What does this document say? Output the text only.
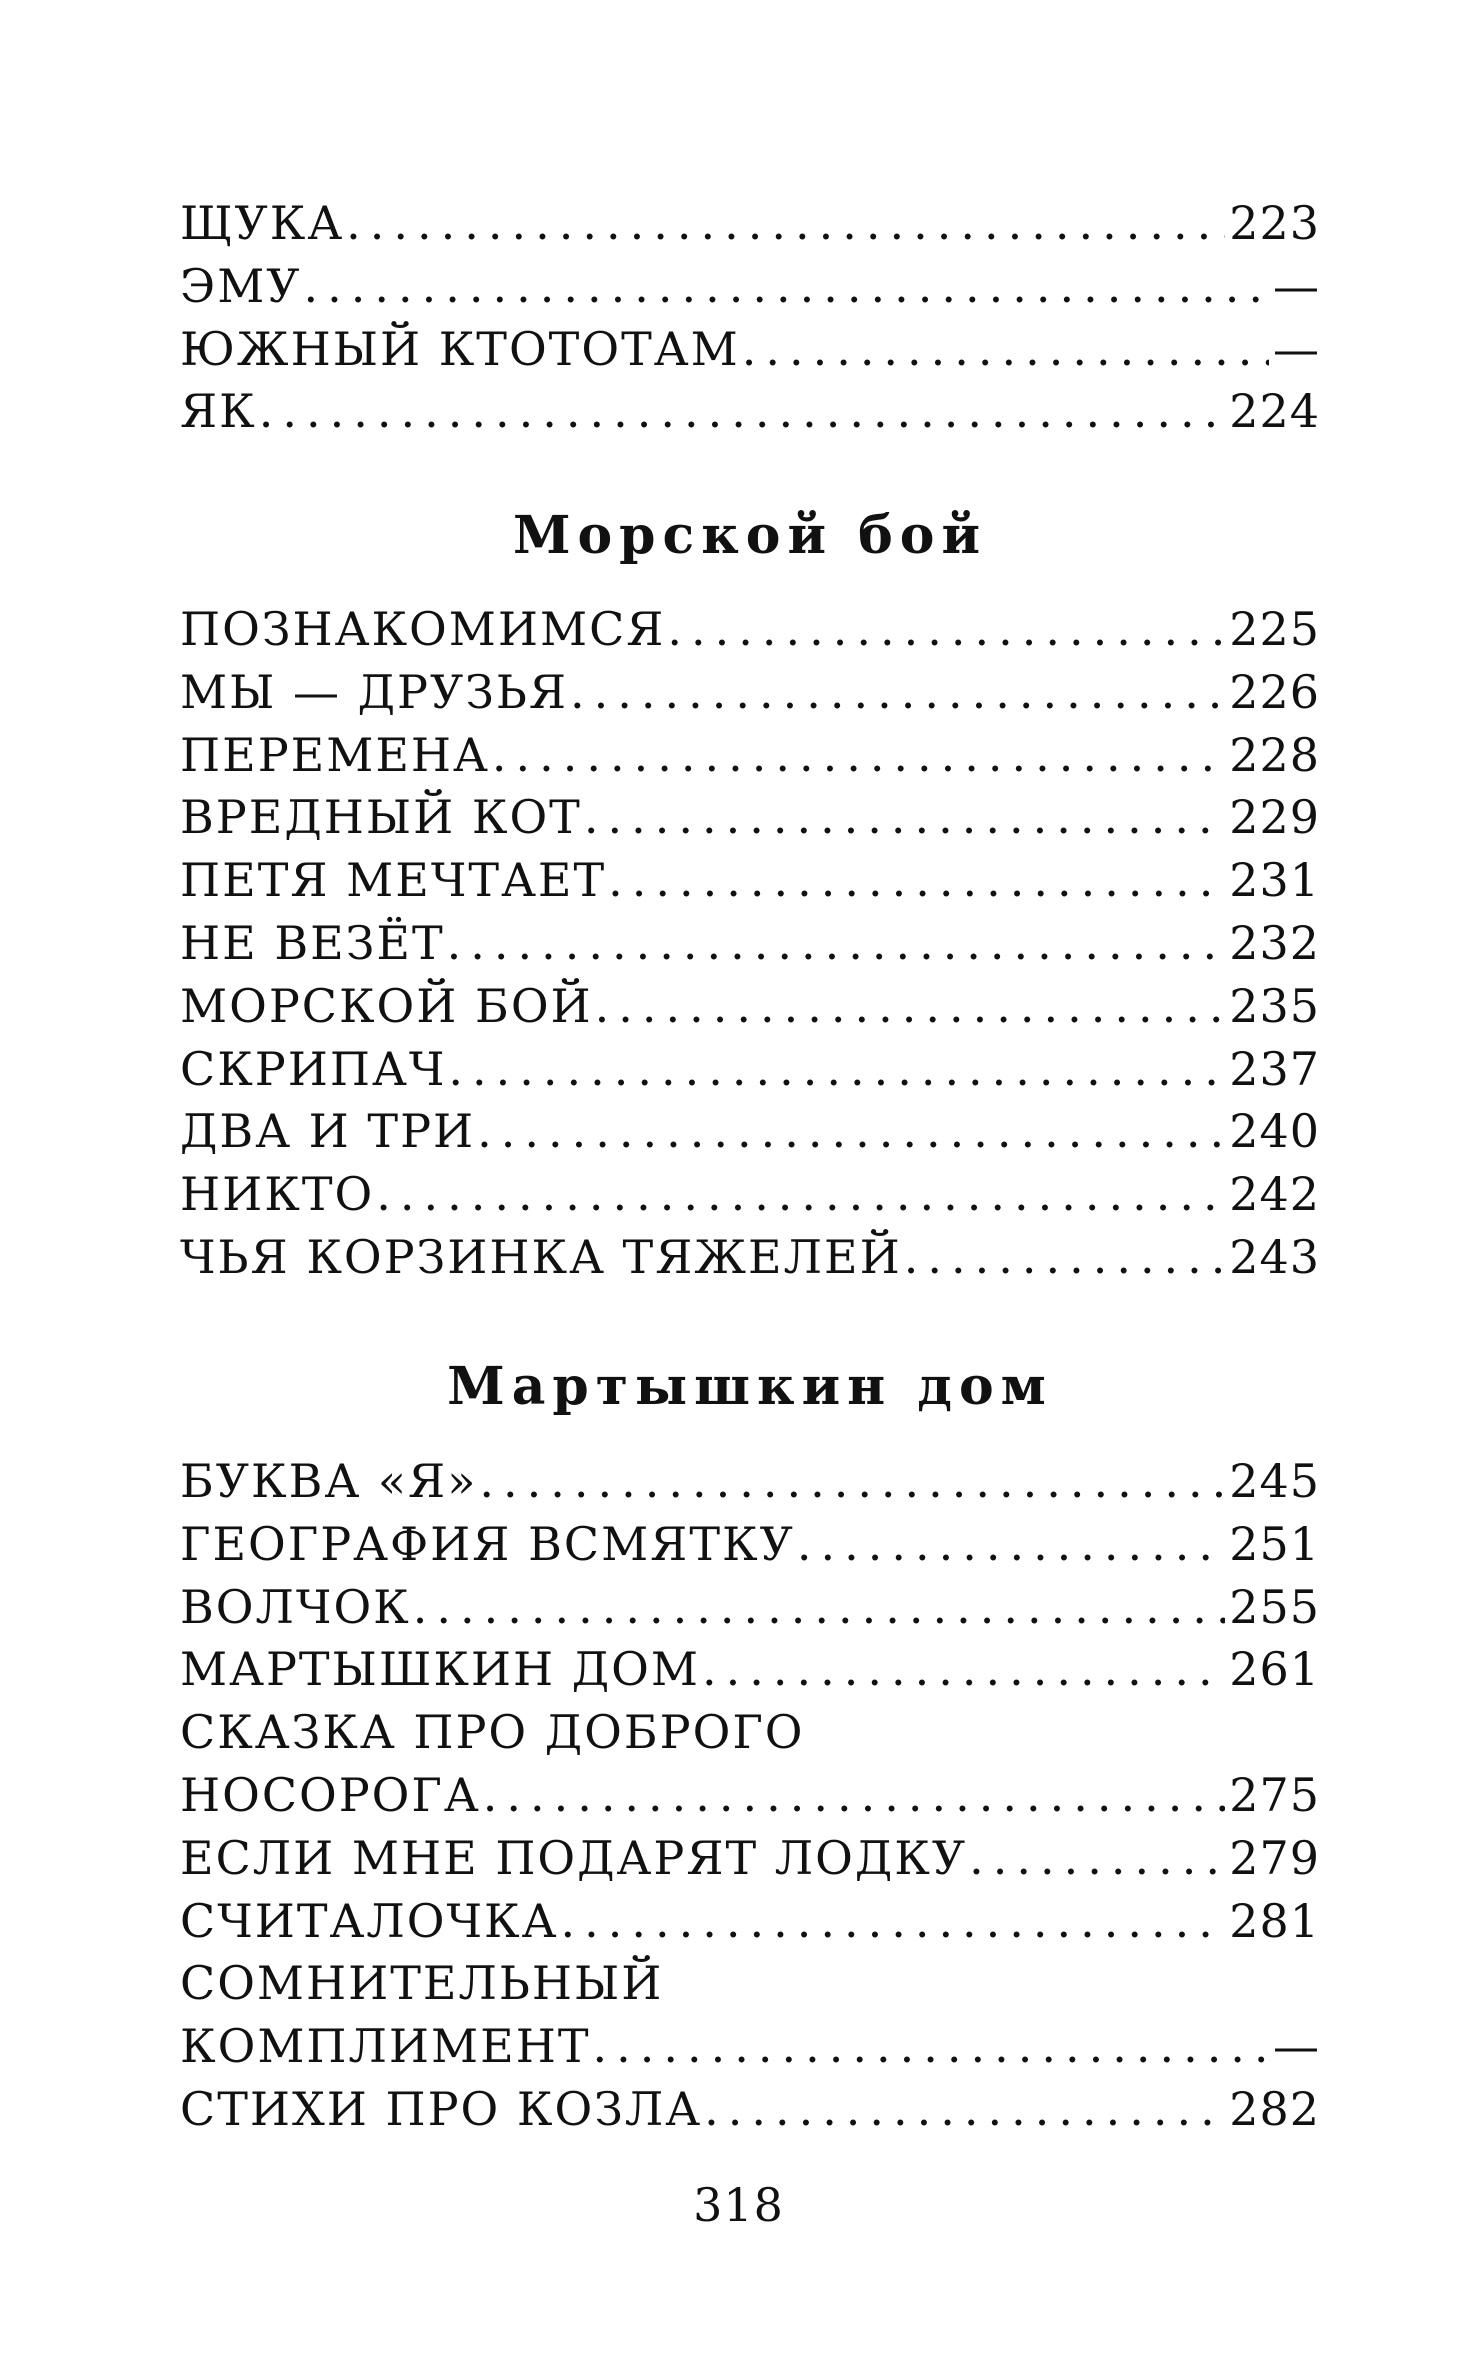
ЩУКА .....	223
ЭМУ .....	—
ЮЖНЫЙ КТОТОТАМ .....	—
ЯК .....	224
Морской бой
ПОЗНАКОМИМСЯ .....	225
МЫ — ДРУЗЬЯ .....	226
ПЕРЕМЕНА .....	228
ВРЕДНЫЙ КОТ .....	229
ПЕТЯ МЕЧТАЕТ .....	231
НЕ ВЕЗЁТ .....	232
МОРСКОЙ БОЙ .....	235
СКРИПАЧ .....	237
ДВА И ТРИ .....	240
НИКТО .....	242
ЧЬЯ КОРЗИНКА ТЯЖЕЛЕЙ .....	243
Мартышкин дом
БУКВА «Я» .....	245
ГЕОГРАФИЯ ВСМЯТКУ .....	251
ВОЛЧОК .....	255
МАРТЫШКИН ДОМ .....	261
СКАЗКА ПРО ДОБРОГО
НОСОРОГА .....	275
ЕСЛИ МНЕ ПОДАРЯТ ЛОДКУ .....	279
СЧИТАЛОЧКА .....	281
СОМНИТЕЛЬНЫЙ
КОМПЛИМЕНТ .....	—
СТИХИ ПРО КОЗЛА .....	282
318
